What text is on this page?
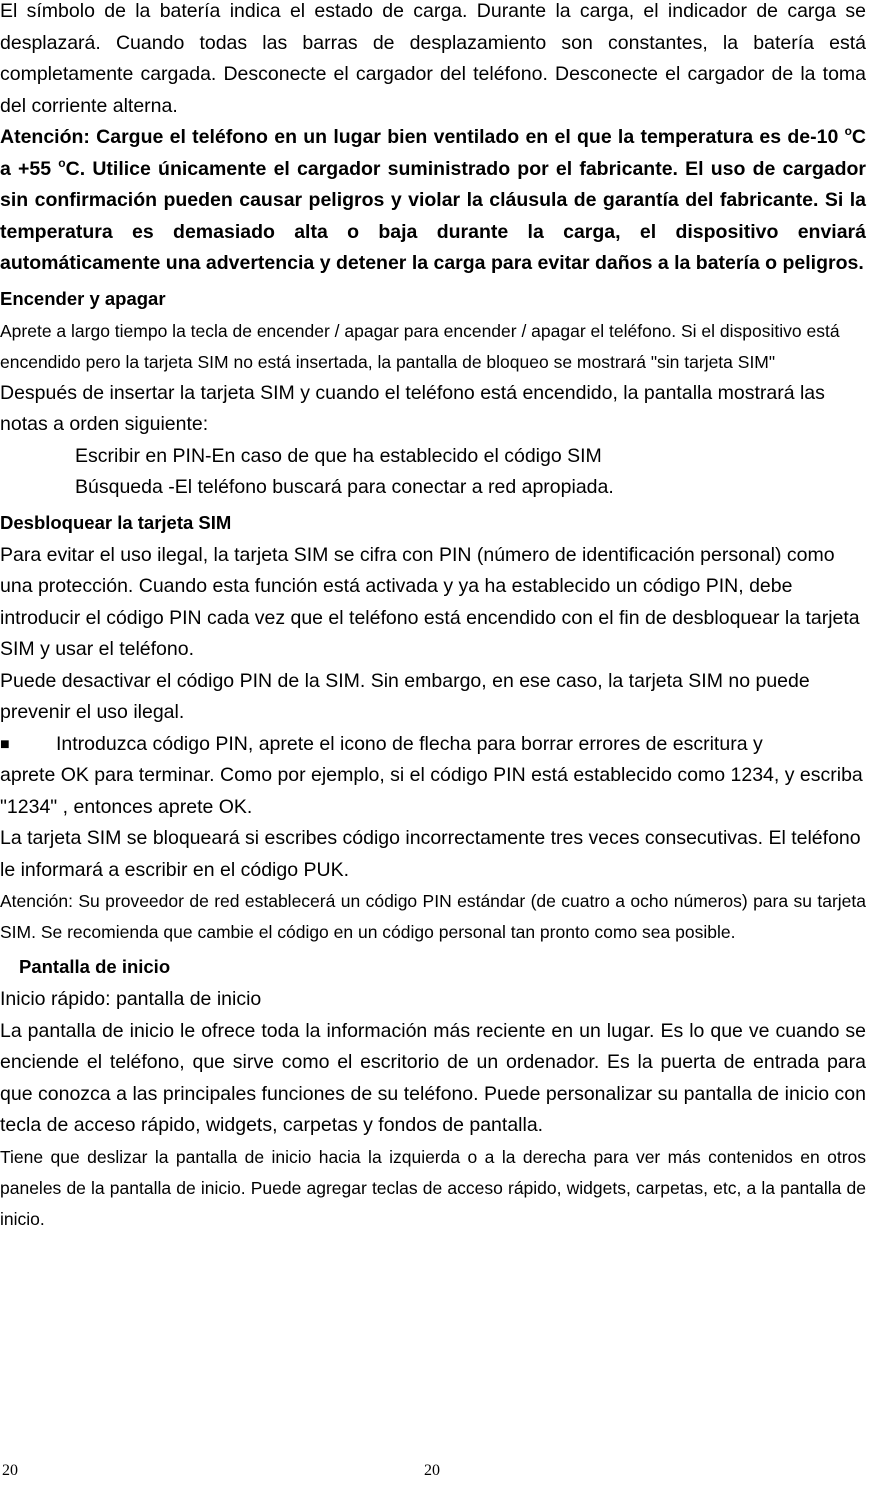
El símbolo de la batería indica el estado de carga. Durante la carga, el indicador de carga se desplazará. Cuando todas las barras de desplazamiento son constantes, la batería está completamente cargada. Desconecte el cargador del teléfono. Desconecte el cargador de la toma del corriente alterna.

Atención: Cargue el teléfono en un lugar bien ventilado en el que la temperatura es de-10 $^o$C a +55 $^o$C. Utilice únicamente el cargador suministrado por el fabricante. El uso de cargador sin confirmación pueden causar peligros y violar la cláusula de garantía del fabricante. Si la temperatura es demasiado alta o baja durante la carga, el dispositivo enviará automáticamente una advertencia y detener la carga para evitar daños a la batería o peligros.

Encender y apagar

Aprete a largo tiempo la tecla de encender / apagar para encender / apagar el teléfono. Si el dispositivo está encendido pero la tarjeta SIM no está insertada, la pantalla de bloqueo se mostrará "sin tarjeta SIM"

Después de insertar la tarjeta SIM y cuando el teléfono está encendido, la pantalla mostrará las notas a orden siguiente:

Escribir en PIN-En caso de que ha establecido el código SIM

Búsqueda -El teléfono buscará para conectar a red apropiada.

Desbloquear la tarjeta SIM

Para evitar el uso ilegal, la tarjeta SIM se cifra con PIN (número de identificación personal) como una protección. Cuando esta función está activada y ya ha establecido un código PIN, debe introducir el código PIN cada vez que el teléfono está encendido con el fin de desbloquear la tarjeta SIM y usar el teléfono.

Puede desactivar el código PIN de la SIM. Sin embargo, en ese caso, la tarjeta SIM no puede prevenir el uso ilegal.

■	Introduzca código PIN, aprete el icono de flecha para borrar errores de escritura y

aprete OK para terminar. Como por ejemplo, si el código PIN está establecido como 1234, y escriba "1234" , entonces aprete OK.

La tarjeta SIM se bloqueará si escribes código incorrectamente tres veces consecutivas. El teléfono le informará a escribir en el código PUK.

Atención: Su proveedor de red establecerá un código PIN estándar (de cuatro a ocho números) para su tarjeta SIM. Se recomienda que cambie el código en un código personal tan pronto como sea posible.

Pantalla de inicio

Inicio rápido: pantalla de inicio

La pantalla de inicio le ofrece toda la información más reciente en un lugar. Es lo que ve cuando se enciende el teléfono, que sirve como el escritorio de un ordenador. Es la puerta de entrada para que conozca a las principales funciones de su teléfono. Puede personalizar su pantalla de inicio con tecla de acceso rápido, widgets, carpetas y fondos de pantalla.

Tiene que deslizar la pantalla de inicio hacia la izquierda o a la derecha para ver más contenidos en otros paneles de la pantalla de inicio. Puede agregar teclas de acceso rápido, widgets, carpetas, etc, a la pantalla de inicio.

20	20
